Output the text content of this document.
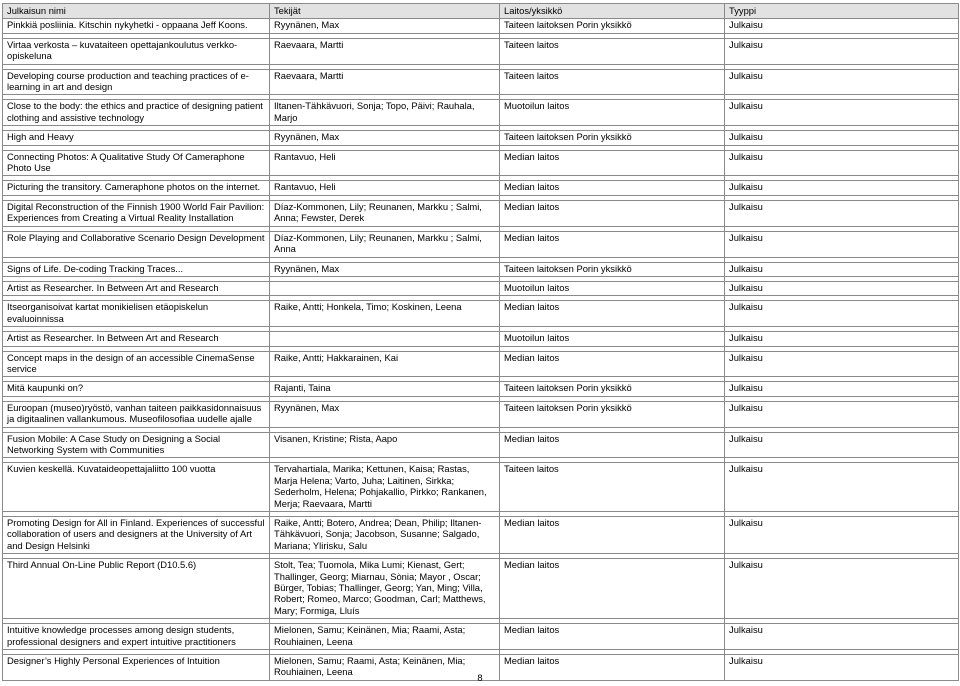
Julkaisun nimi	Tekijät	Laitos/yksikkö	Tyyppi
Pinkkiä posliinia. Kitschin nykyhetki - oppaana Jeff Koons.	Ryynänen, Max	Taiteen laitoksen Porin yksikkö	Julkaisu

Virtaa verkosta – kuvataiteen opettajankoulutus verkko-opiskeluna	Raevaara, Martti	Taiteen laitos	Julkaisu

Developing course production and teaching practices of e-learning in art and design	Raevaara, Martti	Taiteen laitos	Julkaisu

Close to the body: the ethics and practice of designing patient clothing and assistive technology	Iltanen-Tähkävuori, Sonja; Topo, Päivi; Rauhala, Marjo	Muotoilun laitos	Julkaisu

High and Heavy	Ryynänen, Max	Taiteen laitoksen Porin yksikkö	Julkaisu

Connecting Photos: A Qualitative Study Of Cameraphone Photo Use	Rantavuo, Heli	Median laitos	Julkaisu

Picturing the transitory. Cameraphone photos on the internet.	Rantavuo, Heli	Median laitos	Julkaisu

Digital Reconstruction of the Finnish 1900 World Fair Pavilion: Experiences from Creating a Virtual Reality Installation	Díaz-Kommonen, Lily; Reunanen, Markku ; Salmi, Anna; Fewster, Derek	Median laitos	Julkaisu

Role Playing and Collaborative Scenario Design Development	Díaz-Kommonen, Lily; Reunanen, Markku ; Salmi, Anna	Median laitos	Julkaisu

Signs of Life. De-coding Tracking Traces...	Ryynänen, Max	Taiteen laitoksen Porin yksikkö	Julkaisu

Artist as Researcher. In Between Art and Research		Muotoilun laitos	Julkaisu

Itseorganisoivat kartat monikielisen etäopiskelun evaluoinnissa	Raike, Antti; Honkela, Timo; Koskinen, Leena	Median laitos	Julkaisu

Artist as Researcher. In Between Art and Research		Muotoilun laitos	Julkaisu

Concept maps in the design of an accessible CinemaSense service	Raike, Antti; Hakkarainen, Kai	Median laitos	Julkaisu

Mitä kaupunki on?	Rajanti, Taina	Taiteen laitoksen Porin yksikkö	Julkaisu

Euroopan (museo)ryöstö, vanhan taiteen paikkasidonnaisuus ja digitaalinen vallankumous. Museofilosofiaa uudelle ajalle	Ryynänen, Max	Taiteen laitoksen Porin yksikkö	Julkaisu

Fusion Mobile: A Case Study on Designing a Social Networking System with Communities	Visanen, Kristine; Rista, Aapo	Median laitos	Julkaisu

Kuvien keskellä. Kuvataideopettajaliitto 100 vuotta	Tervahartiala, Marika; Kettunen, Kaisa; Rastas, Marja Helena; Varto, Juha; Laitinen, Sirkka; Sederholm, Helena; Pohjakallio, Pirkko; Rankanen, Merja; Raevaara, Martti	Taiteen laitos	Julkaisu

Promoting Design for All in Finland. Experiences of successful collaboration of users and designers at the University of Art and Design Helsinki	Raike, Antti; Botero, Andrea; Dean, Philip; Iltanen-Tähkävuori, Sonja; Jacobson, Susanne; Salgado, Mariana; Ylirisku, Salu	Median laitos	Julkaisu

Third Annual On-Line Public Report (D10.5.6)	Stolt, Tea; Tuomola, Mika Lumi; Kienast, Gert; Thallinger, Georg; Miarnau, Sònia; Mayor , Oscar; Bürger, Tobias; Thallinger, Georg; Yan, Ming; Villa, Robert; Romeo, Marco; Goodman, Carl; Matthews, Mary; Formiga, Lluís	Median laitos	Julkaisu

Intuitive knowledge processes among design students, professional designers and expert intuitive practitioners	Mielonen, Samu; Keinänen, Mia; Raami, Asta; Rouhiainen, Leena	Median laitos	Julkaisu

Designer’s Highly Personal Experiences of Intuition	Mielonen, Samu; Raami, Asta; Keinänen, Mia; Rouhiainen, Leena	Median laitos	Julkaisu
8
